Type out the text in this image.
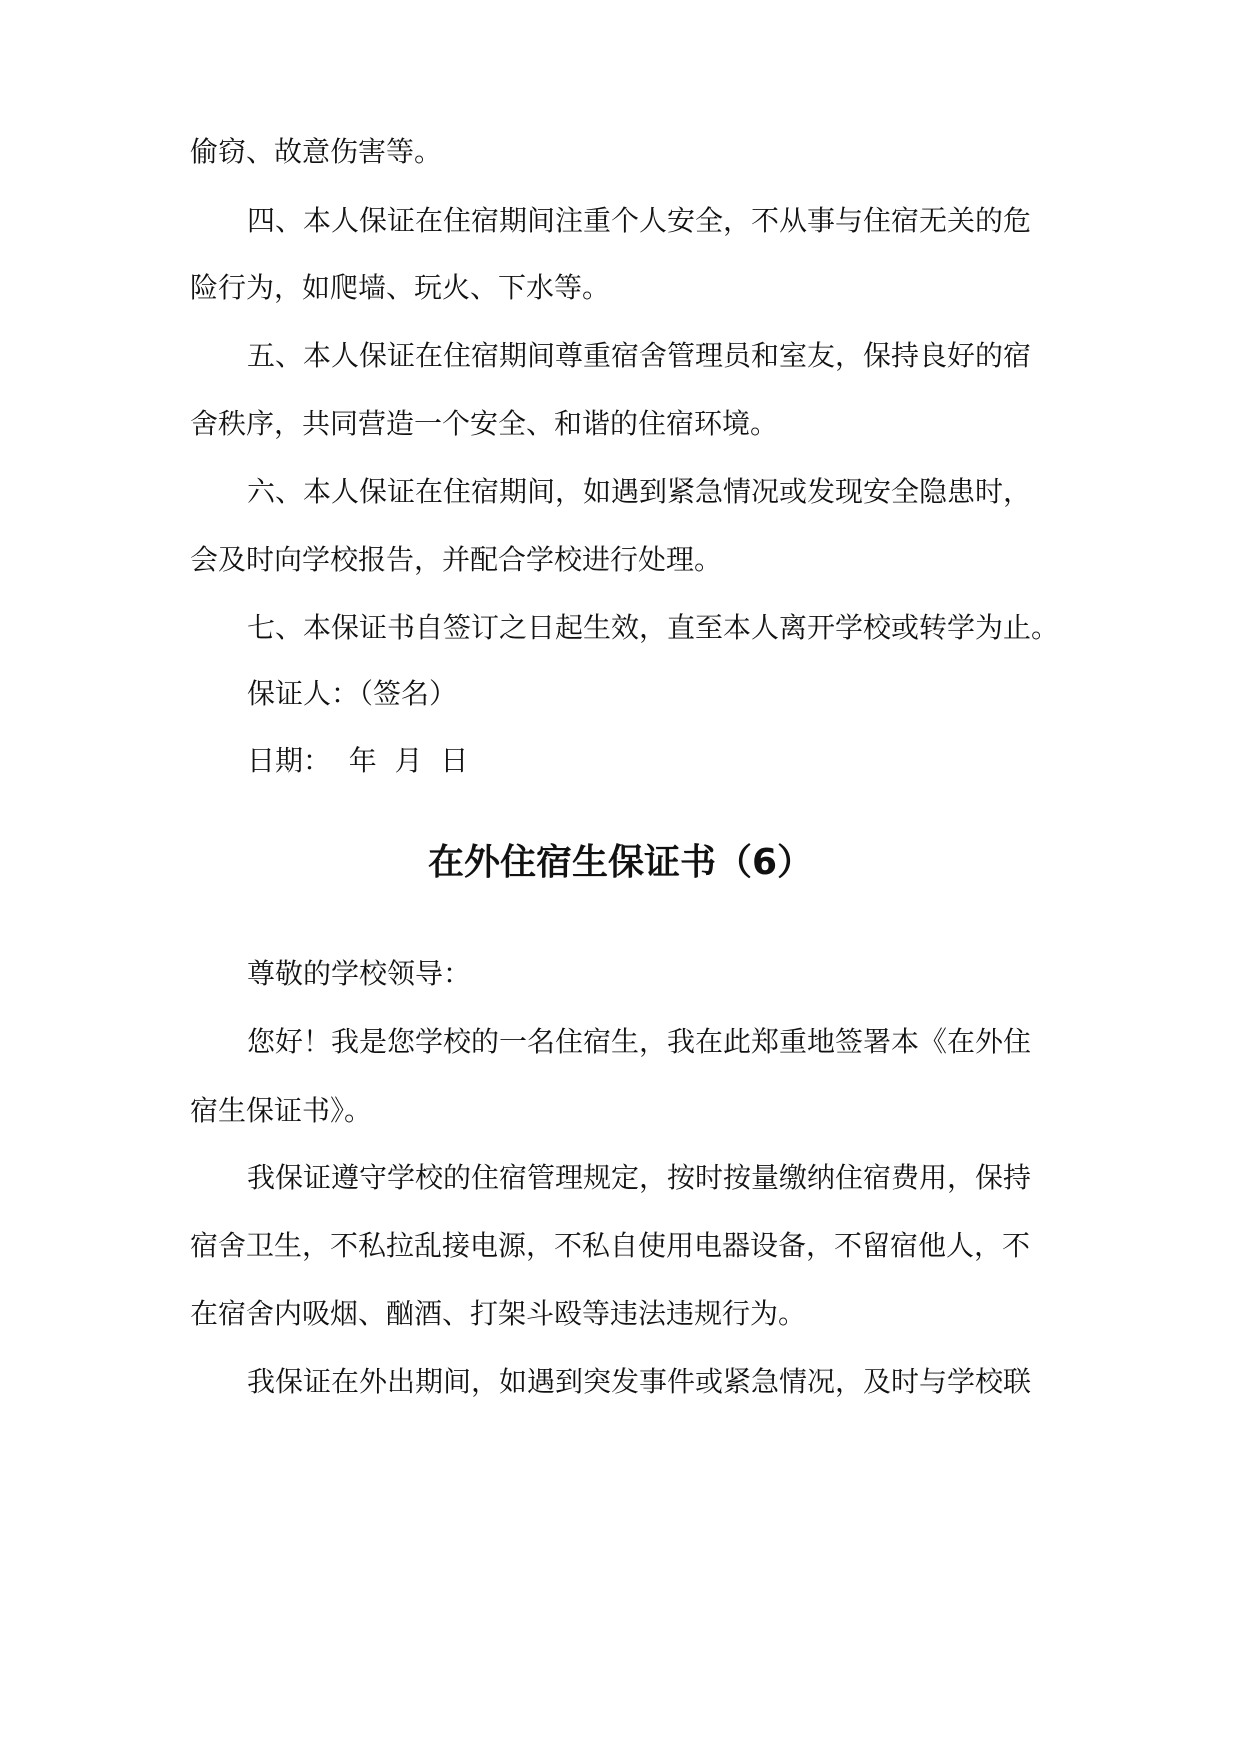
偷窃、故意伤害等。
四、本人保证在住宿期间注重个人安全，不从事与住宿无关的危
险行为，如爬墙、玩火、下水等。
五、本人保证在住宿期间尊重宿舍管理员和室友，保持良好的宿
舍秩序，共同营造一个安全、和谐的住宿环境。
六、本人保证在住宿期间，如遇到紧急情况或发现安全隐患时，
会及时向学校报告，并配合学校进行处理。
七、本保证书自签订之日起生效，直至本人离开学校或转学为止。
保证人：（签名）
日期：  年  月  日
在外住宿生保证书（6）
尊敬的学校领导：
您好！我是您学校的一名住宿生，我在此郑重地签署本《在外住
宿生保证书》。
我保证遵守学校的住宿管理规定，按时按量缴纳住宿费用，保持
宿舍卫生，不私拉乱接电源，不私自使用电器设备，不留宿他人，不
在宿舍内吸烟、酗酒、打架斗殴等违法违规行为。
我保证在外出期间，如遇到突发事件或紧急情况，及时与学校联
